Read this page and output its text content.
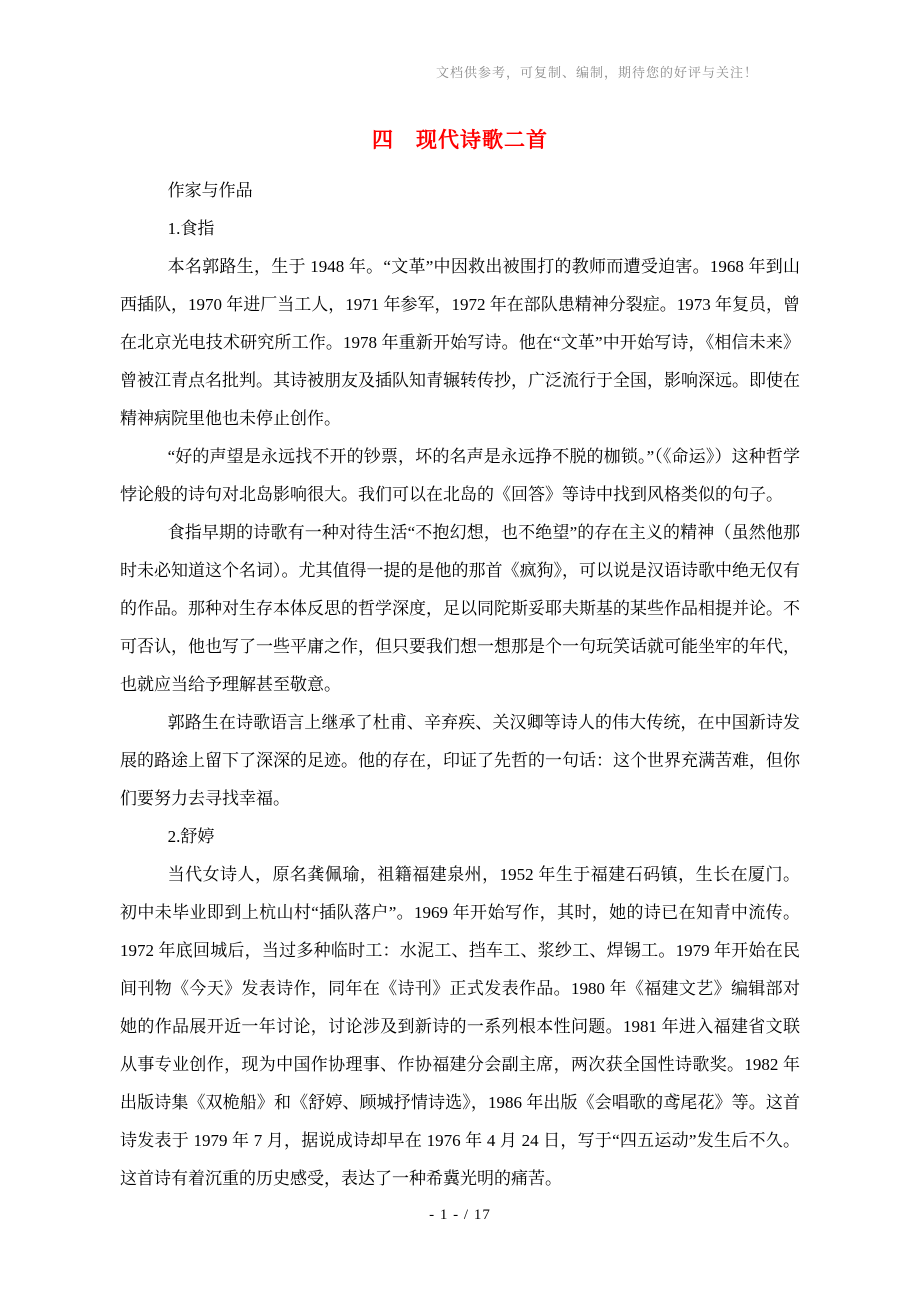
文档供参考，可复制、编制，期待您的好评与关注！
四　现代诗歌二首

作家与作品

1.食指

本名郭路生，生于 1948 年。“文革”中因救出被围打的教师而遭受迫害。1968 年到山西插队，1970 年进厂当工人，1971 年参军，1972 年在部队患精神分裂症。1973 年复员，曾在北京光电技术研究所工作。1978 年重新开始写诗。他在“文革”中开始写诗，《相信未来》曾被江青点名批判。其诗被朋友及插队知青辗转传抄，广泛流行于全国，影响深远。即使在精神病院里他也未停止创作。

“好的声望是永远找不开的钞票，坏的名声是永远挣不脱的枷锁。”（《命运》）这种哲学悖论般的诗句对北岛影响很大。我们可以在北岛的《回答》等诗中找到风格类似的句子。

食指早期的诗歌有一种对待生活“不抱幻想，也不绝望”的存在主义的精神（虽然他那时未必知道这个名词）。尤其值得一提的是他的那首《疯狗》，可以说是汉语诗歌中绝无仅有的作品。那种对生存本体反思的哲学深度，足以同陀斯妥耶夫斯基的某些作品相提并论。不可否认，他也写了一些平庸之作，但只要我们想一想那是个一句玩笑话就可能坐牢的年代，也就应当给予理解甚至敬意。

郭路生在诗歌语言上继承了杜甫、辛弃疾、关汉卿等诗人的伟大传统，在中国新诗发展的路途上留下了深深的足迹。他的存在，印证了先哲的一句话：这个世界充满苦难，但你们要努力去寻找幸福。

2.舒婷

当代女诗人，原名龚佩瑜，祖籍福建泉州，1952 年生于福建石码镇，生长在厦门。初中未毕业即到上杭山村“插队落户”。1969 年开始写作，其时，她的诗已在知青中流传。1972 年底回城后，当过多种临时工：水泥工、挡车工、浆纱工、焊锡工。1979 年开始在民间刊物《今天》发表诗作，同年在《诗刊》正式发表作品。1980 年《福建文艺》编辑部对她的作品展开近一年讨论，讨论涉及到新诗的一系列根本性问题。1981 年进入福建省文联从事专业创作，现为中国作协理事、作协福建分会副主席，两次获全国性诗歌奖。1982 年出版诗集《双桅船》和《舒婷、顾城抒情诗选》，1986 年出版《会唱歌的鸢尾花》等。这首诗发表于 1979 年 7 月，据说成诗却早在 1976 年 4 月 24 日，写于“四五运动”发生后不久。这首诗有着沉重的历史感受，表达了一种希冀光明的痛苦。

- 1 - / 17
